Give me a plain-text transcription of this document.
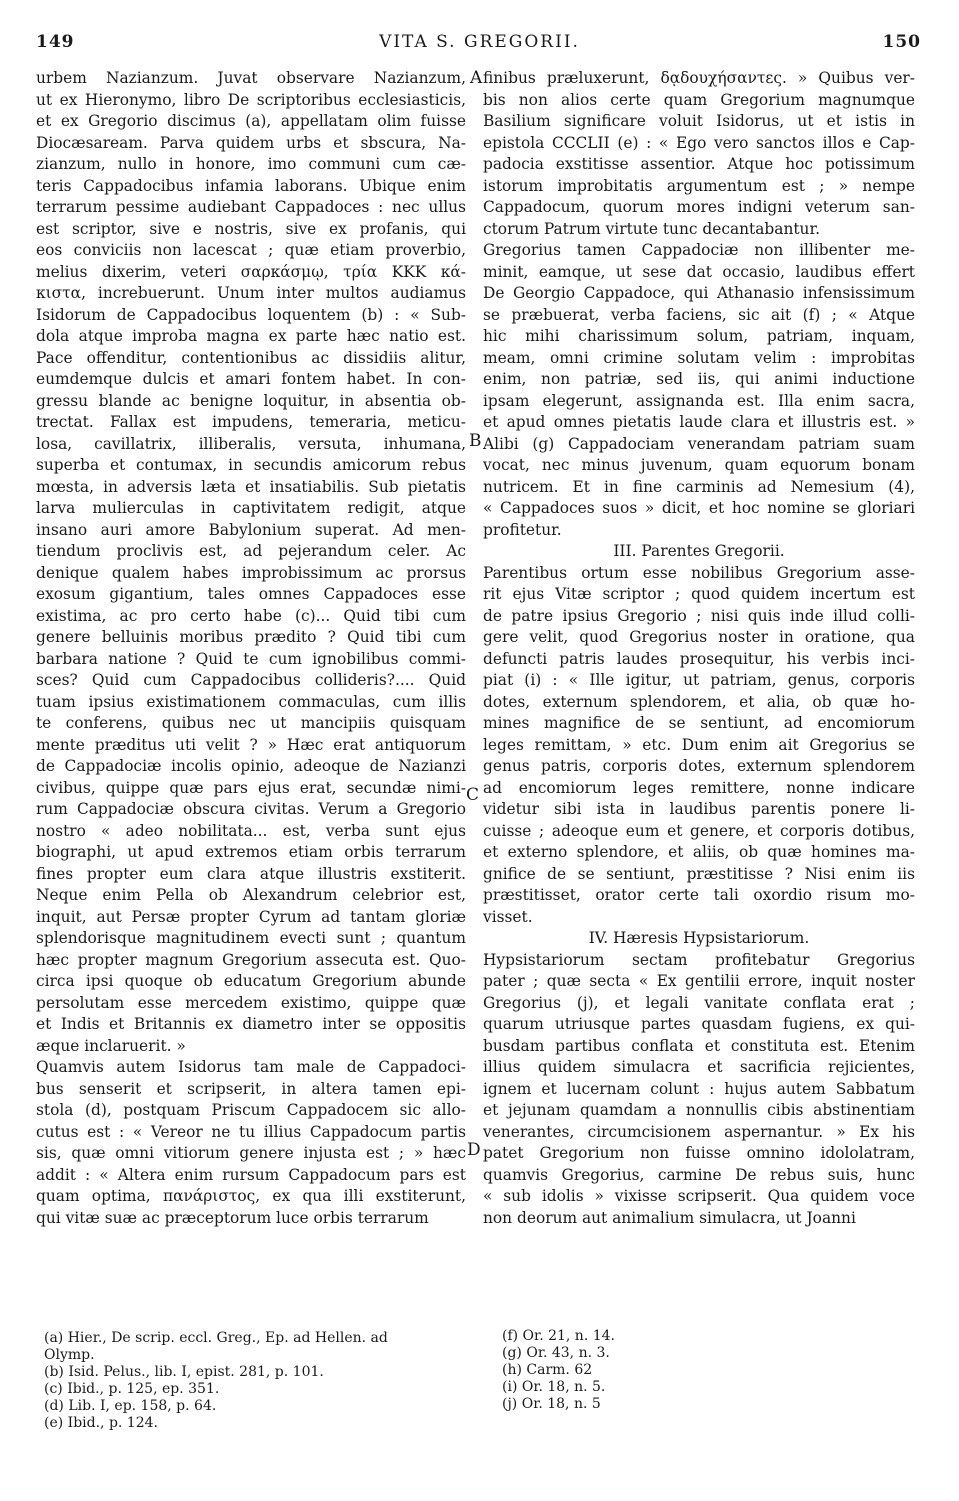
149	VITA S. GREGORII.	150
A
B
C
D
urbem Nazianzum. Juvat observare Nazianzum,
ut ex Hieronymo, libro De scriptoribus ecclesiasticis,
et ex Gregorio discimus (a), appellatam olim fuisse
Diocæsaream. Parva quidem urbs et sbscura, Na-
zianzum, nullo in honore, imo communi cum cæ-
teris Cappadocibus infamia laborans. Ubique enim
terrarum pessime audiebant Cappadoces : nec ullus
est scriptor, sive e nostris, sive ex profanis, qui
eos conviciis non lacescat ; quæ etiam proverbio,
melius dixerim, veteri σαρκάσμῳ, τρία ΚΚΚ κά-
κιστα, increbuerunt. Unum inter multos audiamus
Isidorum de Cappadocibus loquentem (b) : « Sub-
dola atque improba magna ex parte hæc natio est.
Pace offenditur, contentionibus ac dissidiis alitur,
eumdemque dulcis et amari fontem habet. In con-
gressu blande ac benigne loquitur, in absentia ob-
trectat. Fallax est impudens, temeraria, meticu-
losa, cavillatrix, illiberalis, versuta, inhumana,
superba et contumax, in secundis amicorum rebus
mœsta, in adversis læta et insatiabilis. Sub pietatis
larva mulierculas in captivitatem redigit, atque
insano auri amore Babylonium superat. Ad men-
tiendum proclivis est, ad pejerandum celer. Ac
denique qualem habes improbissimum ac prorsus
exosum gigantium, tales omnes Cappadoces esse
existima, ac pro certo habe (c)... Quid tibi cum
genere belluinis moribus prædito ? Quid tibi cum
barbara natione ? Quid te cum ignobilibus commi-
sces? Quid cum Cappadocibus collideris?.... Quid
tuam ipsius existimationem commaculas, cum illis
te conferens, quibus nec ut mancipiis quisquam
mente præditus uti velit ? » Hæc erat antiquorum
de Cappadociæ incolis opinio, adeoque de Nazianzi
civibus, quippe quæ pars ejus erat, secundæ nimi-
rum Cappadociæ obscura civitas. Verum a Gregorio
nostro « adeo nobilitata... est, verba sunt ejus
biographi, ut apud extremos etiam orbis terrarum
fines propter eum clara atque illustris exstiterit.
Neque enim Pella ob Alexandrum celebrior est,
inquit, aut Persæ propter Cyrum ad tantam gloriæ
splendorisque magnitudinem evecti sunt ; quantum
hæc propter magnum Gregorium assecuta est. Quo-
circa ipsi quoque ob educatum Gregorium abunde
persolutam esse mercedem existimo, quippe quæ
et Indis et Britannis ex diametro inter se oppositis
æque inclaruerit. »
Quamvis autem Isidorus tam male de Cappadoci-
bus senserit et scripserit, in altera tamen epi-
stola (d), postquam Priscum Cappadocem sic allo-
cutus est : « Vereor ne tu illius Cappadocum partis
sis, quæ omni vitiorum genere injusta est ; » hæc
addit : « Altera enim rursum Cappadocum pars est
quam optima, πανάριστος, ex qua illi exstiterunt,
qui vitæ suæ ac præceptorum luce orbis terrarum
finibus præluxerunt, δᾳδουχήσαντες. » Quibus ver-
bis non alios certe quam Gregorium magnumque
Basilium significare voluit Isidorus, ut et istis in
epistola CCCLII (e) : « Ego vero sanctos illos e Cap-
padocia exstitisse assentior. Atque hoc potissimum
istorum improbitatis argumentum est ; » nempe
Cappadocum, quorum mores indigni veterum san-
ctorum Patrum virtute tunc decantabantur.
Gregorius tamen Cappadociæ non illibenter me-
minit, eamque, ut sese dat occasio, laudibus effert
De Georgio Cappadoce, qui Athanasio infensissimum
se præbuerat, verba faciens, sic ait (f) ; « Atque
hic mihi charissimum solum, patriam, inquam,
meam, omni crimine solutam velim : improbitas
enim, non patriæ, sed iis, qui animi inductione
ipsam elegerunt, assignanda est. Illa enim sacra,
et apud omnes pietatis laude clara et illustris est. »
Alibi (g) Cappadociam venerandam patriam suam
vocat, nec minus juvenum, quam equorum bonam
nutricem. Et in fine carminis ad Nemesium (4),
« Cappadoces suos » dicit, et hoc nomine se gloriari
profitetur.
III. Parentes Gregorii.
Parentibus ortum esse nobilibus Gregorium asse-
rit ejus Vitæ scriptor ; quod quidem incertum est
de patre ipsius Gregorio ; nisi quis inde illud colli-
gere velit, quod Gregorius noster in oratione, qua
defuncti patris laudes prosequitur, his verbis inci-
piat (i) : « Ille igitur, ut patriam, genus, corporis
dotes, externum splendorem, et alia, ob quæ ho-
mines magnifice de se sentiunt, ad encomiorum
leges remittam, » etc. Dum enim ait Gregorius se
genus patris, corporis dotes, externum splendorem
ad encomiorum leges remittere, nonne indicare
videtur sibi ista in laudibus parentis ponere li-
cuisse ; adeoque eum et genere, et corporis dotibus,
et externo splendore, et aliis, ob quæ homines ma-
gnifice de se sentiunt, præstitisse ? Nisi enim iis
præstitisset, orator certe tali oxordio risum mo-
visset.
IV. Hæresis Hypsistariorum.
Hypsistariorum sectam profitebatur Gregorius
pater ; quæ secta « Ex gentilii errore, inquit noster
Gregorius (j), et legali vanitate conflata erat ;
quarum utriusque partes quasdam fugiens, ex qui-
busdam partibus conflata et constituta est. Etenim
illius quidem simulacra et sacrificia rejicientes,
ignem et lucernam colunt : hujus autem Sabbatum
et jejunam quamdam a nonnullis cibis abstinentiam
venerantes, circumcisionem aspernantur. » Ex his
patet Gregorium non fuisse omnino idololatram,
quamvis Gregorius, carmine De rebus suis, hunc
« sub idolis » vixisse scripserit. Qua quidem voce
non deorum aut animalium simulacra, ut Joanni
(a) Hier., De scrip. eccl. Greg., Ep. ad Hellen. ad
Olymp.
(b) Isid. Pelus., lib. I, epist. 281, p. 101.
(c) Ibid., p. 125, ep. 351.
(d) Lib. I, ep. 158, p. 64.
(e) Ibid., p. 124.
(f) Or. 21, n. 14.
(g) Or. 43, n. 3.
(h) Carm. 62
(i) Or. 18, n. 5.
(j) Or. 18, n. 5
